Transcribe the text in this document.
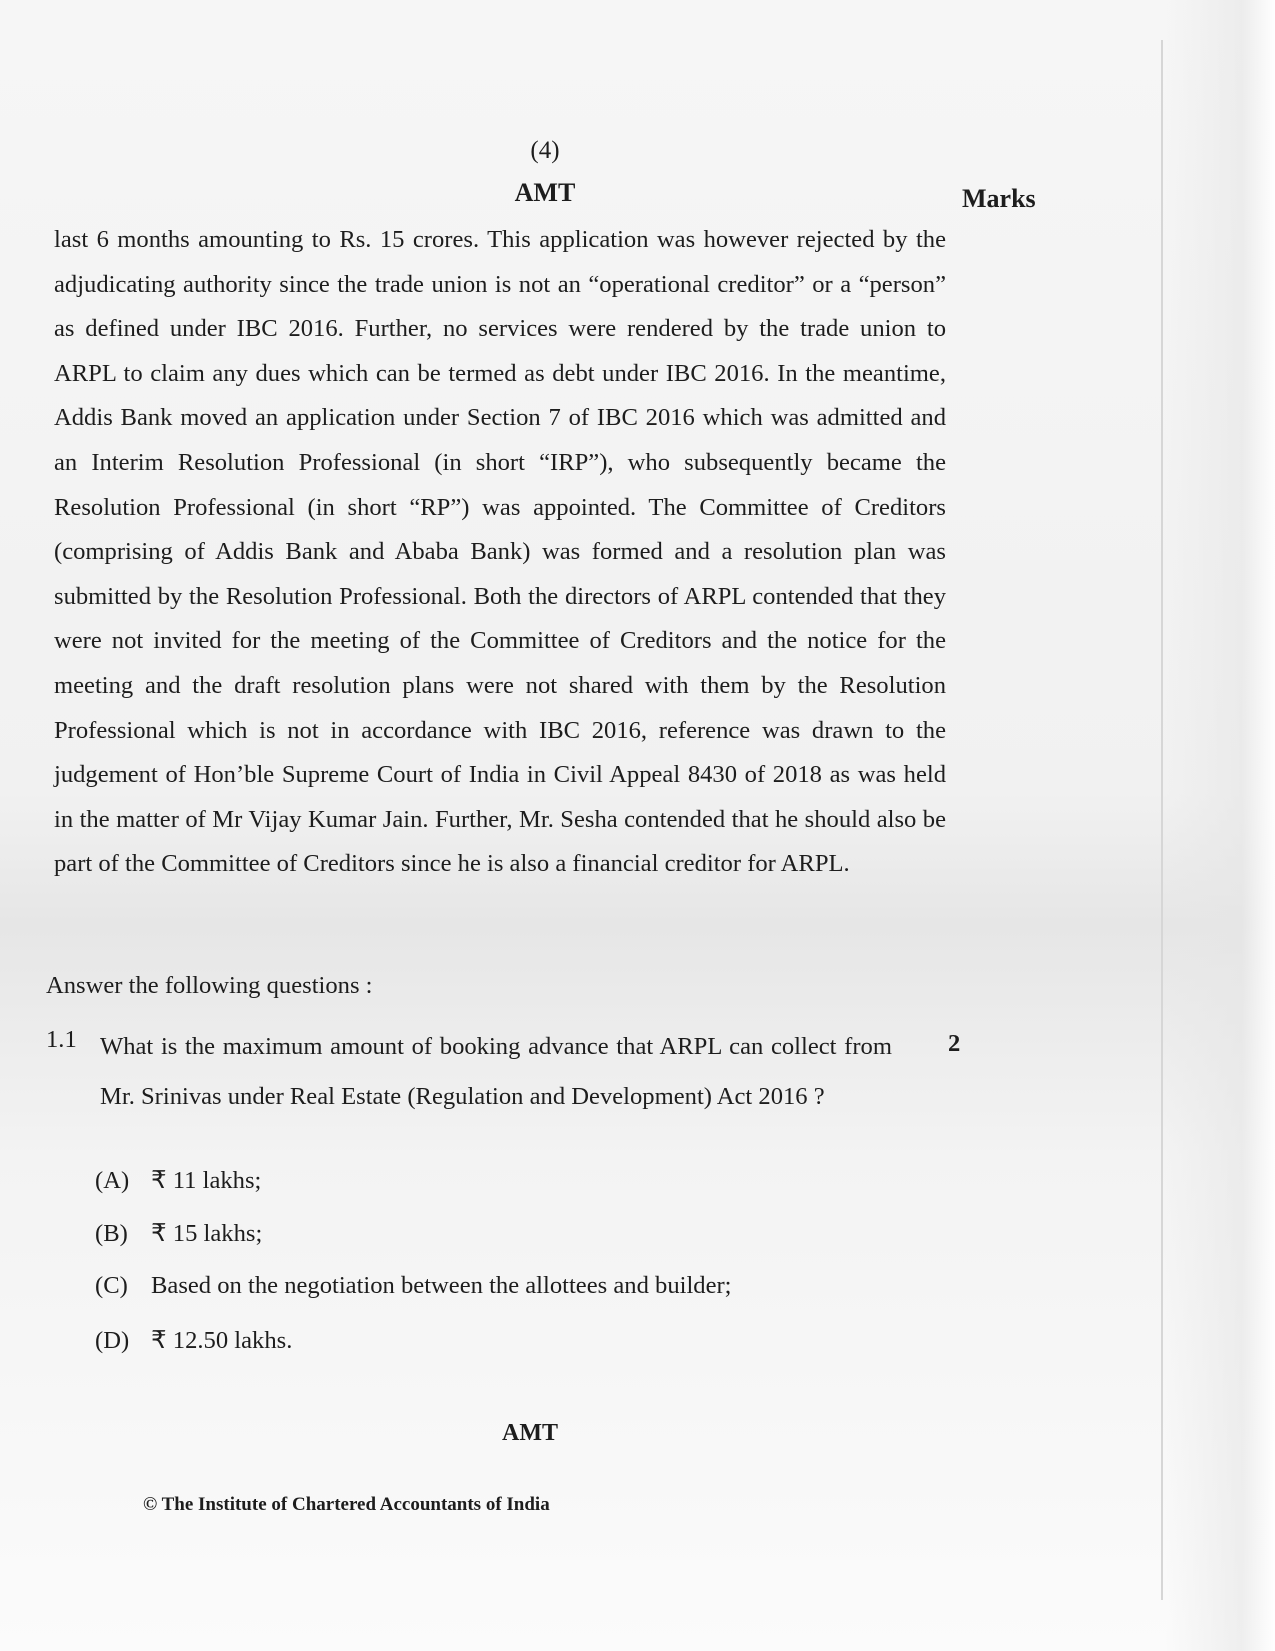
(4)
AMT	Marks

last 6 months amounting to Rs. 15 crores. This application was however rejected by the adjudicating authority since the trade union is not an “operational creditor” or a “person” as defined under IBC 2016. Further, no services were rendered by the trade union to ARPL to claim any dues which can be termed as debt under IBC 2016. In the meantime, Addis Bank moved an application under Section 7 of IBC 2016 which was admitted and an Interim Resolution Professional (in short “IRP”), who subsequently became the Resolution Professional (in short “RP”) was appointed. The Committee of Creditors (comprising of Addis Bank and Ababa Bank) was formed and a resolution plan was submitted by the Resolution Professional. Both the directors of ARPL contended that they were not invited for the meeting of the Committee of Creditors and the notice for the meeting and the draft resolution plans were not shared with them by the Resolution Professional which is not in accordance with IBC 2016, reference was drawn to the judgement of Hon’ble Supreme Court of India in Civil Appeal 8430 of 2018 as was held in the matter of Mr Vijay Kumar Jain. Further, Mr. Sesha contended that he should also be part of the Committee of Creditors since he is also a financial creditor for ARPL.

Answer the following questions :

1.1 What is the maximum amount of booking advance that ARPL can collect from Mr. Srinivas under Real Estate (Regulation and Development) Act 2016 ?

2
(A) ₹ 11 lakhs;
(B) ₹ 15 lakhs;
(C) Based on the negotiation between the allottees and builder;
(D) ₹ 12.50 lakhs.
AMT
© The Institute of Chartered Accountants of India
